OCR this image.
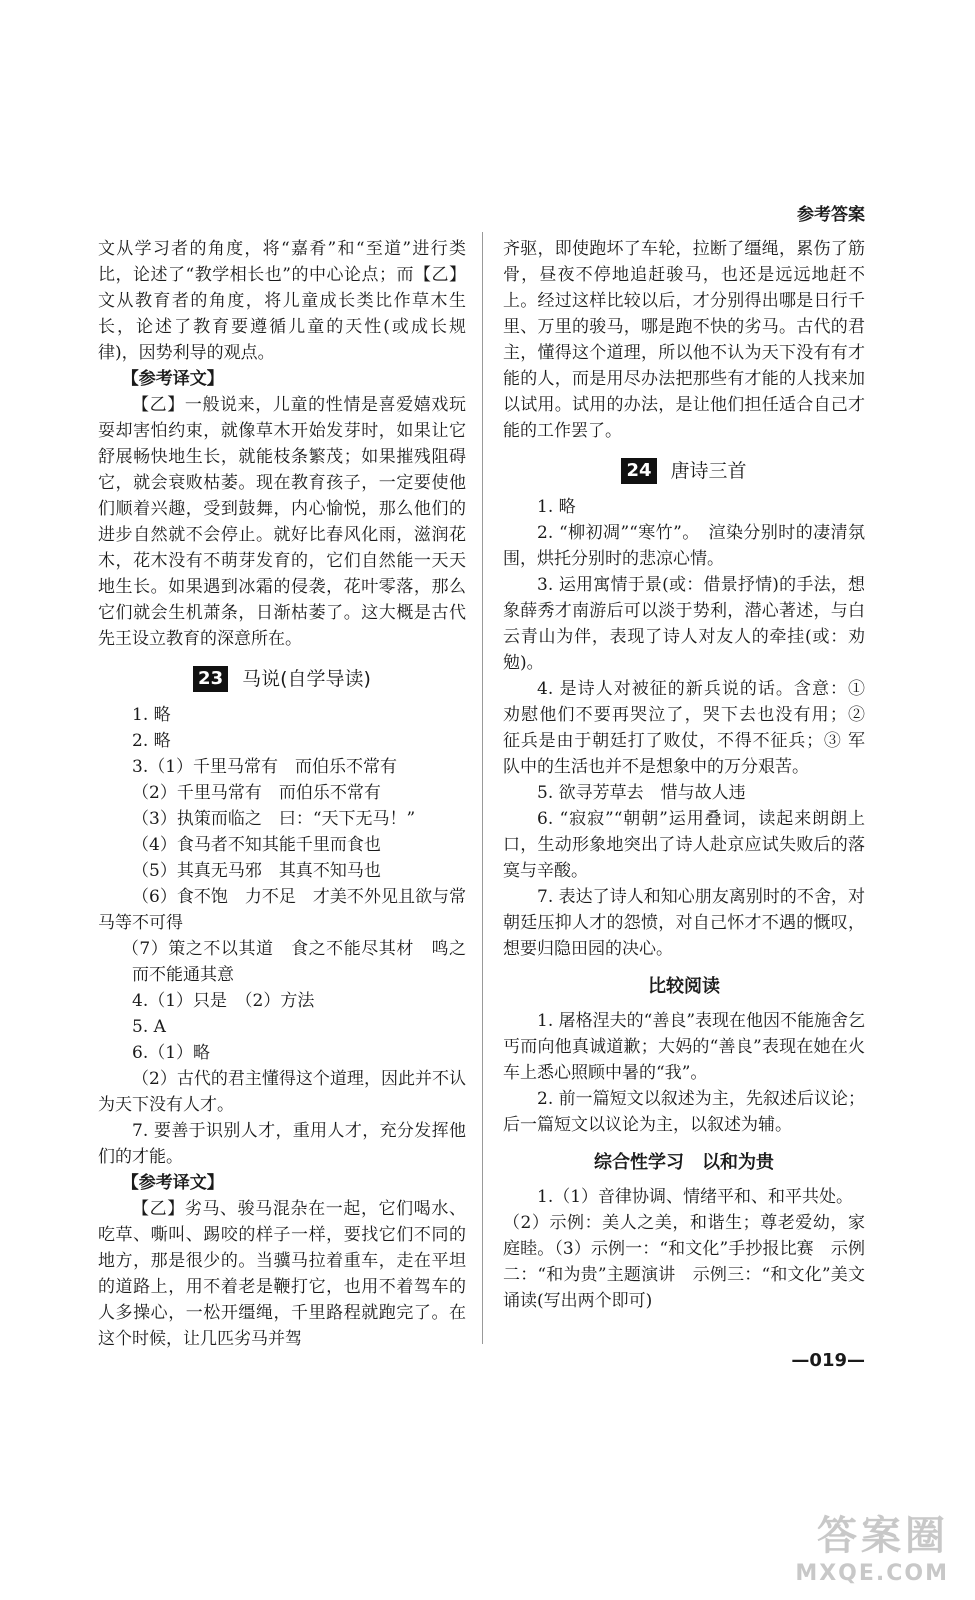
参考答案

文从学习者的角度，将“嘉肴”和“至道”进行类比，论述了“教学相长也”的中心论点；而【乙】文从教育者的角度，将儿童成长类比作草木生长，论述了教育要遵循儿童的天性(或成长规律)，因势利导的观点。

【参考译文】

【乙】一般说来，儿童的性情是喜爱嬉戏玩耍却害怕约束，就像草木开始发芽时，如果让它舒展畅快地生长，就能枝条繁茂；如果摧残阻碍它，就会衰败枯萎。现在教育孩子，一定要使他们顺着兴趣，受到鼓舞，内心愉悦，那么他们的进步自然就不会停止。就好比春风化雨，滋润花木，花木没有不萌芽发育的，它们自然能一天天地生长。如果遇到冰霜的侵袭，花叶零落，那么它们就会生机萧条，日渐枯萎了。这大概是古代先王设立教育的深意所在。

23 马说(自学导读)

1. 略

2. 略

3.（1）千里马常有　而伯乐不常有

（2）千里马常有　而伯乐不常有

（3）执策而临之　曰：“天下无马！”

（4）食马者不知其能千里而食也

（5）其真无马邪　其真不知马也

（6）食不饱　力不足　才美不外见且欲与常马等不可得

（7）策之不以其道　食之不能尽其材　鸣之而不能通其意

4.（1）只是　（2）方法

5. A

6.（1）略

（2）古代的君主懂得这个道理，因此并不认为天下没有人才。

7. 要善于识别人才，重用人才，充分发挥他们的才能。

【参考译文】

【乙】劣马、骏马混杂在一起，它们喝水、吃草、嘶叫、踢咬的样子一样，要找它们不同的地方，那是很少的。当骥马拉着重车，走在平坦的道路上，用不着老是鞭打它，也用不着驾车的人多操心，一松开缰绳，千里路程就跑完了。在这个时候，让几匹劣马并驾

齐驱，即使跑坏了车轮，拉断了缰绳，累伤了筋骨，昼夜不停地追赶骏马，也还是远远地赶不上。经过这样比较以后，才分别得出哪是日行千里、万里的骏马，哪是跑不快的劣马。古代的君主，懂得这个道理，所以他不认为天下没有有才能的人，而是用尽办法把那些有才能的人找来加以试用。试用的办法，是让他们担任适合自己才能的工作罢了。

24 唐诗三首

1. 略

2. “柳初凋”“寒竹”。　渲染分别时的凄清氛围，烘托分别时的悲凉心情。

3. 运用寓情于景(或：借景抒情)的手法，想象薛秀才南游后可以淡于势利，潜心著述，与白云青山为伴，表现了诗人对友人的牵挂(或：劝勉)。

4. 是诗人对被征的新兵说的话。含意：① 劝慰他们不要再哭泣了，哭下去也没有用；② 征兵是由于朝廷打了败仗，不得不征兵；③ 军队中的生活也并不是想象中的万分艰苦。

5. 欲寻芳草去　惜与故人违

6. “寂寂”“朝朝”运用叠词，读起来朗朗上口，生动形象地突出了诗人赴京应试失败后的落寞与辛酸。

7. 表达了诗人和知心朋友离别时的不舍，对朝廷压抑人才的怨愤，对自己怀才不遇的慨叹，想要归隐田园的决心。

比较阅读

1. 屠格涅夫的“善良”表现在他因不能施舍乞丐而向他真诚道歉；大妈的“善良”表现在她在火车上悉心照顾中暑的“我”。

2. 前一篇短文以叙述为主，先叙述后议论；后一篇短文以议论为主，以叙述为辅。

综合性学习　以和为贵

1.（1）音律协调、情绪平和、和平共处。

（2）示例：美人之美，和谐生；尊老爱幼，家庭睦。（3）示例一：“和文化”手抄报比赛　示例二：“和为贵”主题演讲　示例三：“和文化”美文诵读(写出两个即可)

—019—
答案圈
MXQE.COM
